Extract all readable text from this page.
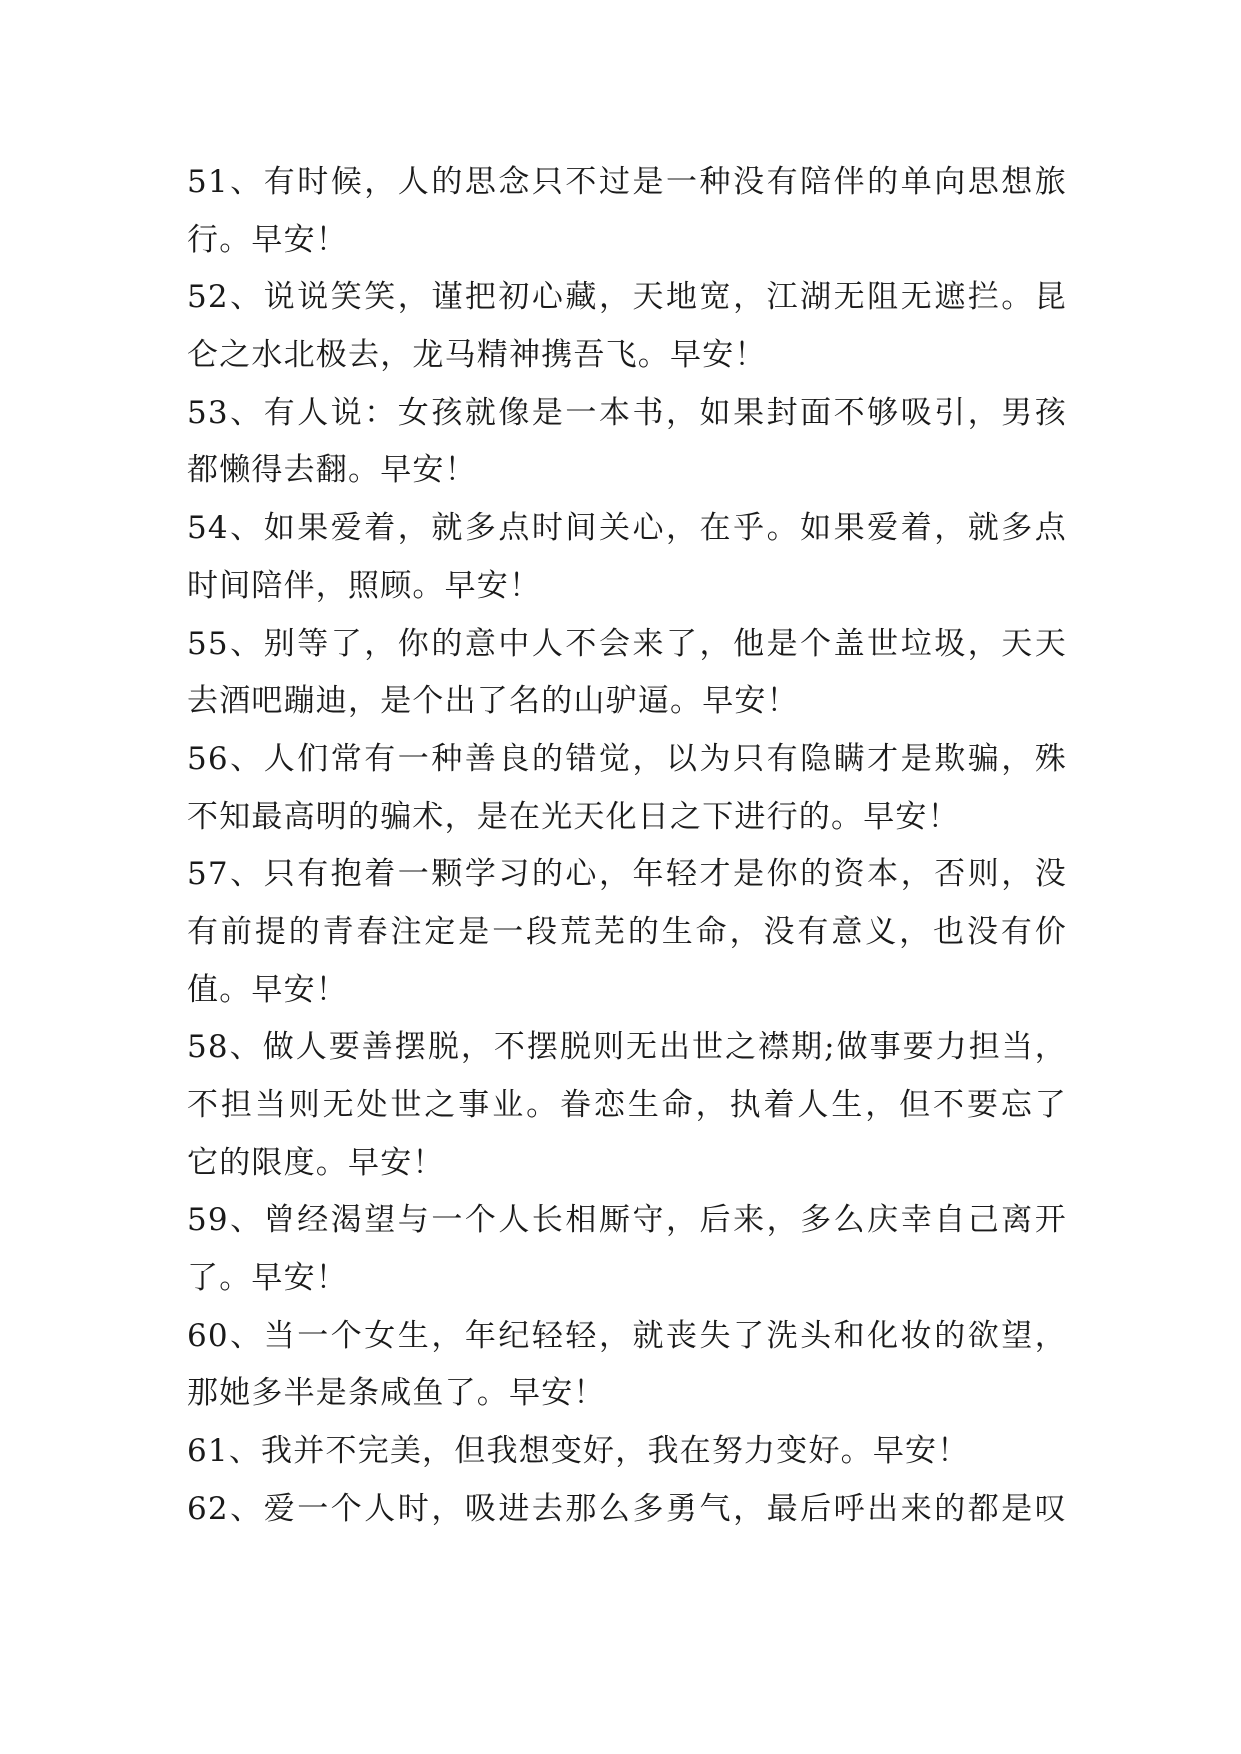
51、有时候，人的思念只不过是一种没有陪伴的单向思想旅
行。早安！
52、说说笑笑，谨把初心藏，天地宽，江湖无阻无遮拦。昆
仑之水北极去，龙马精神携吾飞。早安！
53、有人说：女孩就像是一本书，如果封面不够吸引，男孩
都懒得去翻。早安！
54、如果爱着，就多点时间关心，在乎。如果爱着，就多点
时间陪伴，照顾。早安！
55、别等了，你的意中人不会来了，他是个盖世垃圾，天天
去酒吧蹦迪，是个出了名的山驴逼。早安！
56、人们常有一种善良的错觉，以为只有隐瞒才是欺骗，殊
不知最高明的骗术，是在光天化日之下进行的。早安！
57、只有抱着一颗学习的心，年轻才是你的资本，否则，没
有前提的青春注定是一段荒芜的生命，没有意义，也没有价
值。早安！
58、做人要善摆脱，不摆脱则无出世之襟期;做事要力担当，
不担当则无处世之事业。眷恋生命，执着人生，但不要忘了
它的限度。早安！
59、曾经渴望与一个人长相厮守，后来，多么庆幸自己离开
了。早安！
60、当一个女生，年纪轻轻，就丧失了洗头和化妆的欲望，
那她多半是条咸鱼了。早安！
61、我并不完美，但我想变好，我在努力变好。早安！
62、爱一个人时，吸进去那么多勇气，最后呼出来的都是叹
